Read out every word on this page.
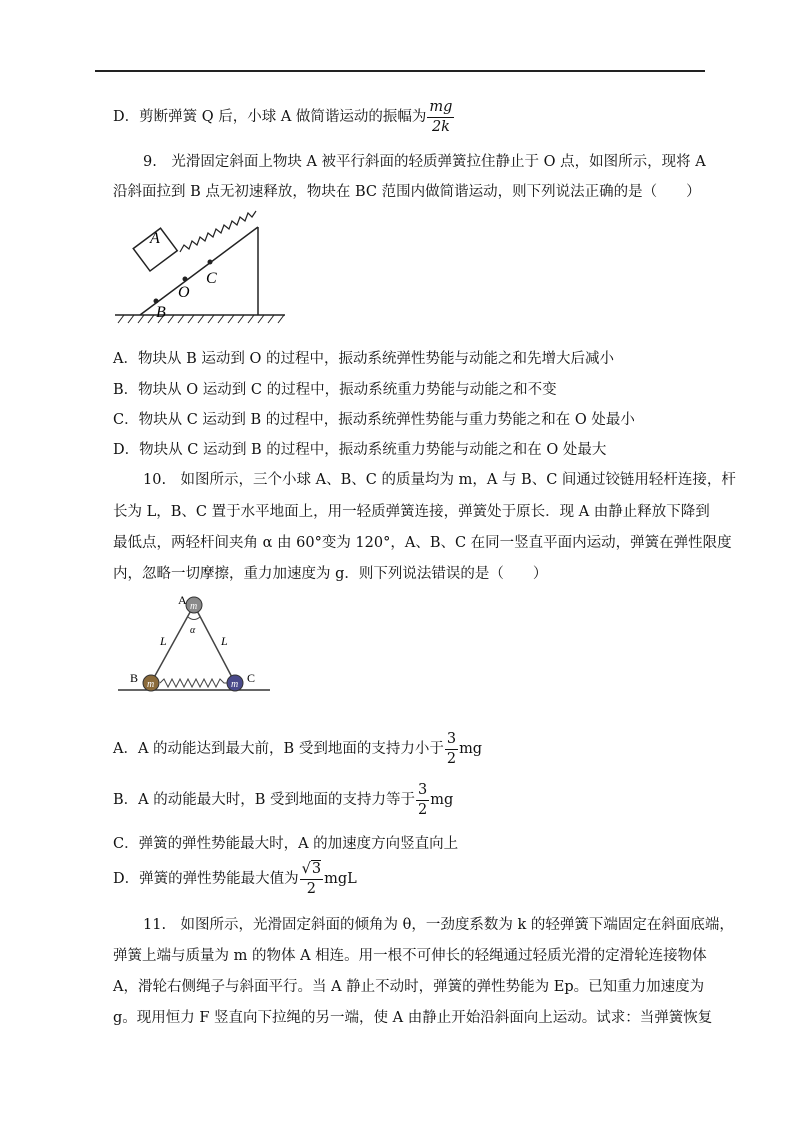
D．剪断弹簧 Q 后，小球 A 做简谐运动的振幅为 $\frac{mg}{2k}$
9.　光滑固定斜面上物块 A 被平行斜面的轻质弹簧拉住静止于 O 点，如图所示，现将 A
沿斜面拉到 B 点无初速释放，物块在 BC 范围内做简谐运动，则下列说法正确的是（　　）
A
O
C
B
A．物块从 B 运动到 O 的过程中，振动系统弹性势能与动能之和先增大后减小
B．物块从 O 运动到 C 的过程中，振动系统重力势能与动能之和不变
C．物块从 C 运动到 B 的过程中，振动系统弹性势能与重力势能之和在 O 处最小
D．物块从 C 运动到 B 的过程中，振动系统重力势能与动能之和在 O 处最大
10.　如图所示，三个小球 A、B、C 的质量均为 m，A 与 B、C 间通过铰链用轻杆连接，杆
长为 L，B、C 置于水平地面上，用一轻质弹簧连接，弹簧处于原长．现 A 由静止释放下降到
最低点，两轻杆间夹角 α 由 60°变为 120°，A、B、C 在同一竖直平面内运动，弹簧在弹性限度
内，忽略一切摩擦，重力加速度为 g．则下列说法错误的是（　　）
m
m	m
A
B	C
L	L
α
A．A 的动能达到最大前，B 受到地面的支持力小于 $\frac{3}{2}$ mg
B．A 的动能最大时，B 受到地面的支持力等于 $\frac{3}{2}$ mg
C．弹簧的弹性势能最大时，A 的加速度方向竖直向上
D．弹簧的弹性势能最大值为 $\frac{√3}{2}$ mgL
11.　如图所示，光滑固定斜面的倾角为 θ，一劲度系数为 k 的轻弹簧下端固定在斜面底端，
弹簧上端与质量为 m 的物体 A 相连。用一根不可伸长的轻绳通过轻质光滑的定滑轮连接物体
A，滑轮右侧绳子与斜面平行。当 A 静止不动时，弹簧的弹性势能为 Ep。已知重力加速度为
g。现用恒力 F 竖直向下拉绳的另一端，使 A 由静止开始沿斜面向上运动。试求：当弹簧恢复
